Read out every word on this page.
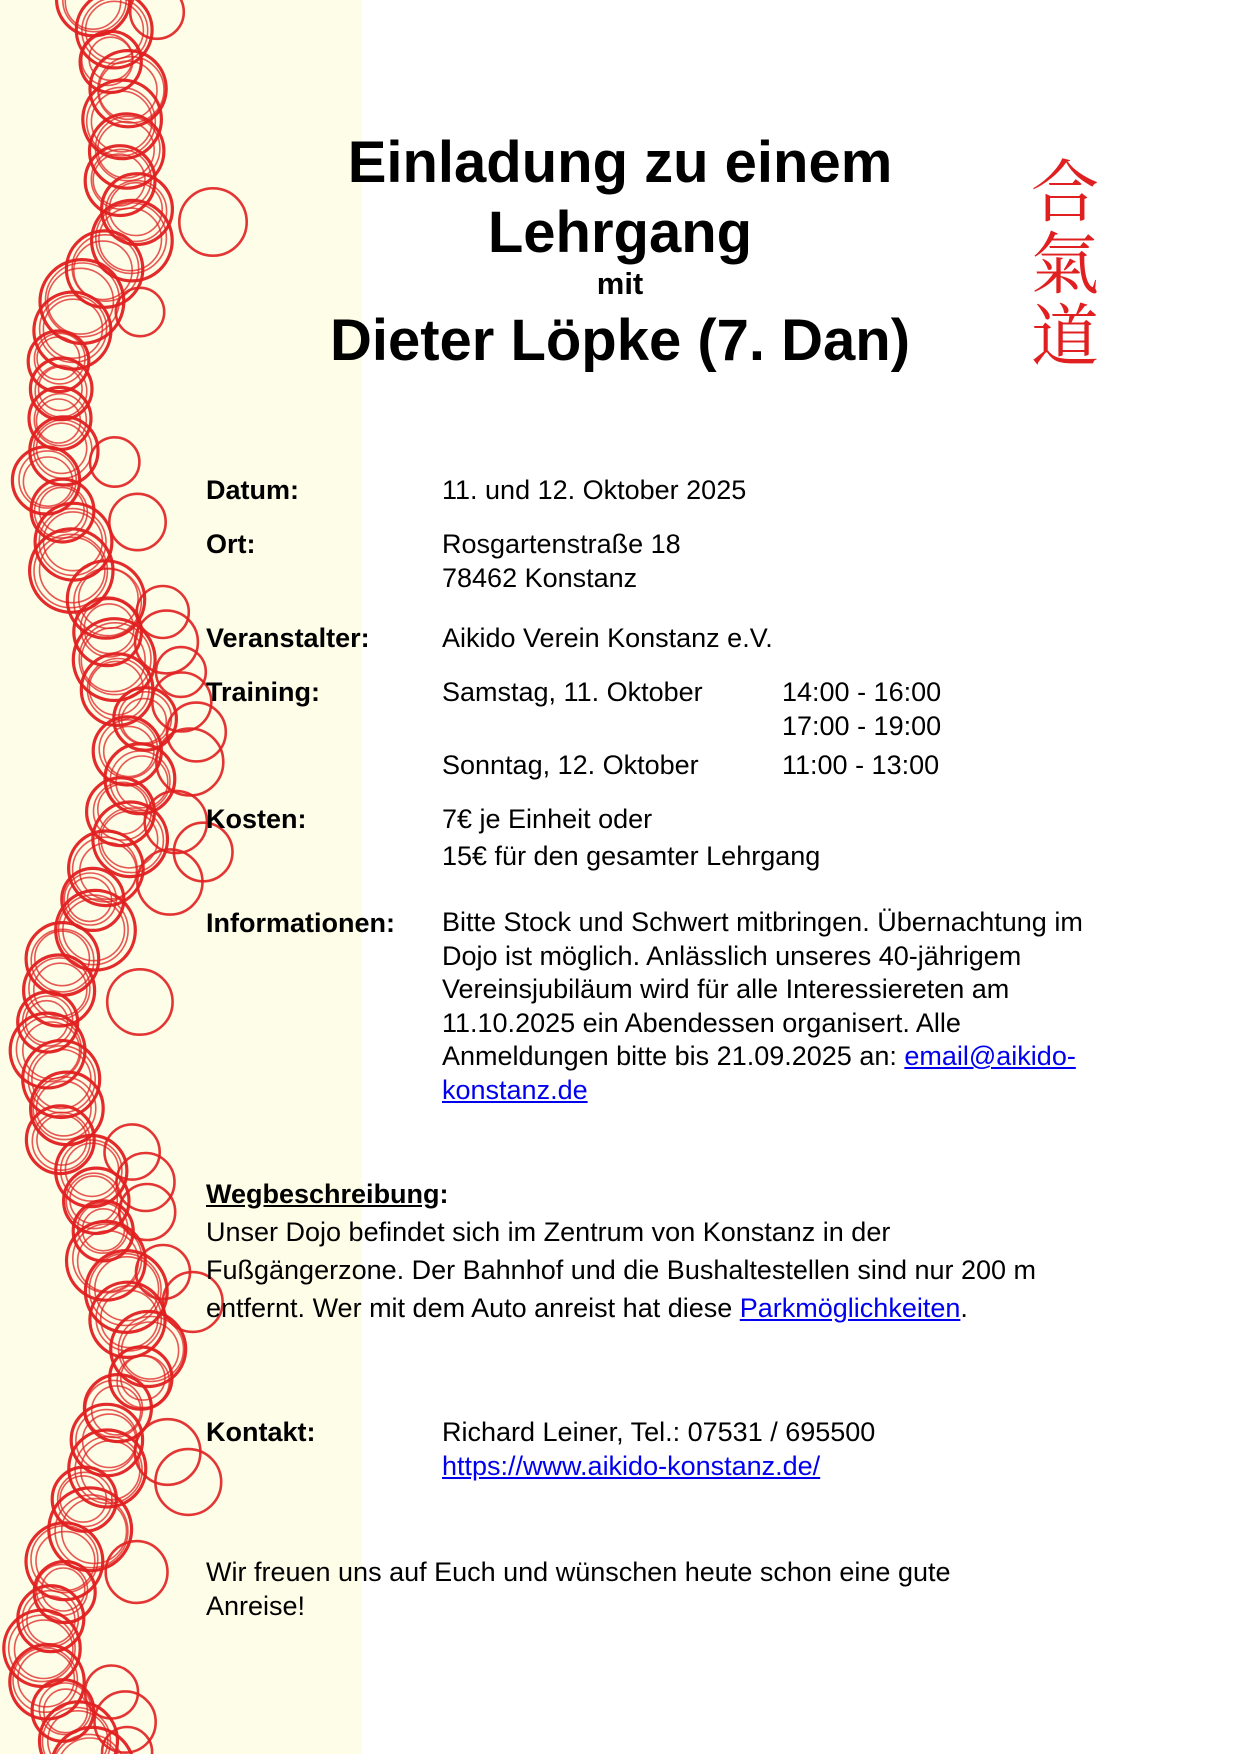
Einladung zu einem
Lehrgang
mit
Dieter Löpke (7. Dan)
合
氣
道
Datum:	11. und 12. Oktober 2025
Ort:	Rosgartenstraße 18
78462 Konstanz
Veranstalter:	Aikido Verein Konstanz e.V.
Training:	Samstag, 11. Oktober	14:00 - 16:00
17:00 - 19:00
Sonntag, 12. Oktober	11:00 - 13:00
Kosten:	7€ je Einheit oder
15€ für den gesamter Lehrgang
Informationen: Bitte Stock und Schwert mitbringen. Übernachtung im Dojo ist möglich. Anlässlich unseres 40-jährigem Vereinsjubiläum wird für alle Interessiereten am 11.10.2025 ein Abendessen organisert. Alle Anmeldungen bitte bis 21.09.2025 an: email@aikido-konstanz.de
Wegbeschreibung:
Unser Dojo befindet sich im Zentrum von Konstanz in der Fußgängerzone. Der Bahnhof und die Bushaltestellen sind nur 200 m entfernt. Wer mit dem Auto anreist hat diese Parkmöglichkeiten.
Kontakt:	Richard Leiner, Tel.: 07531 / 695500
https://www.aikido-konstanz.de/
Wir freuen uns auf Euch und wünschen heute schon eine gute Anreise!
